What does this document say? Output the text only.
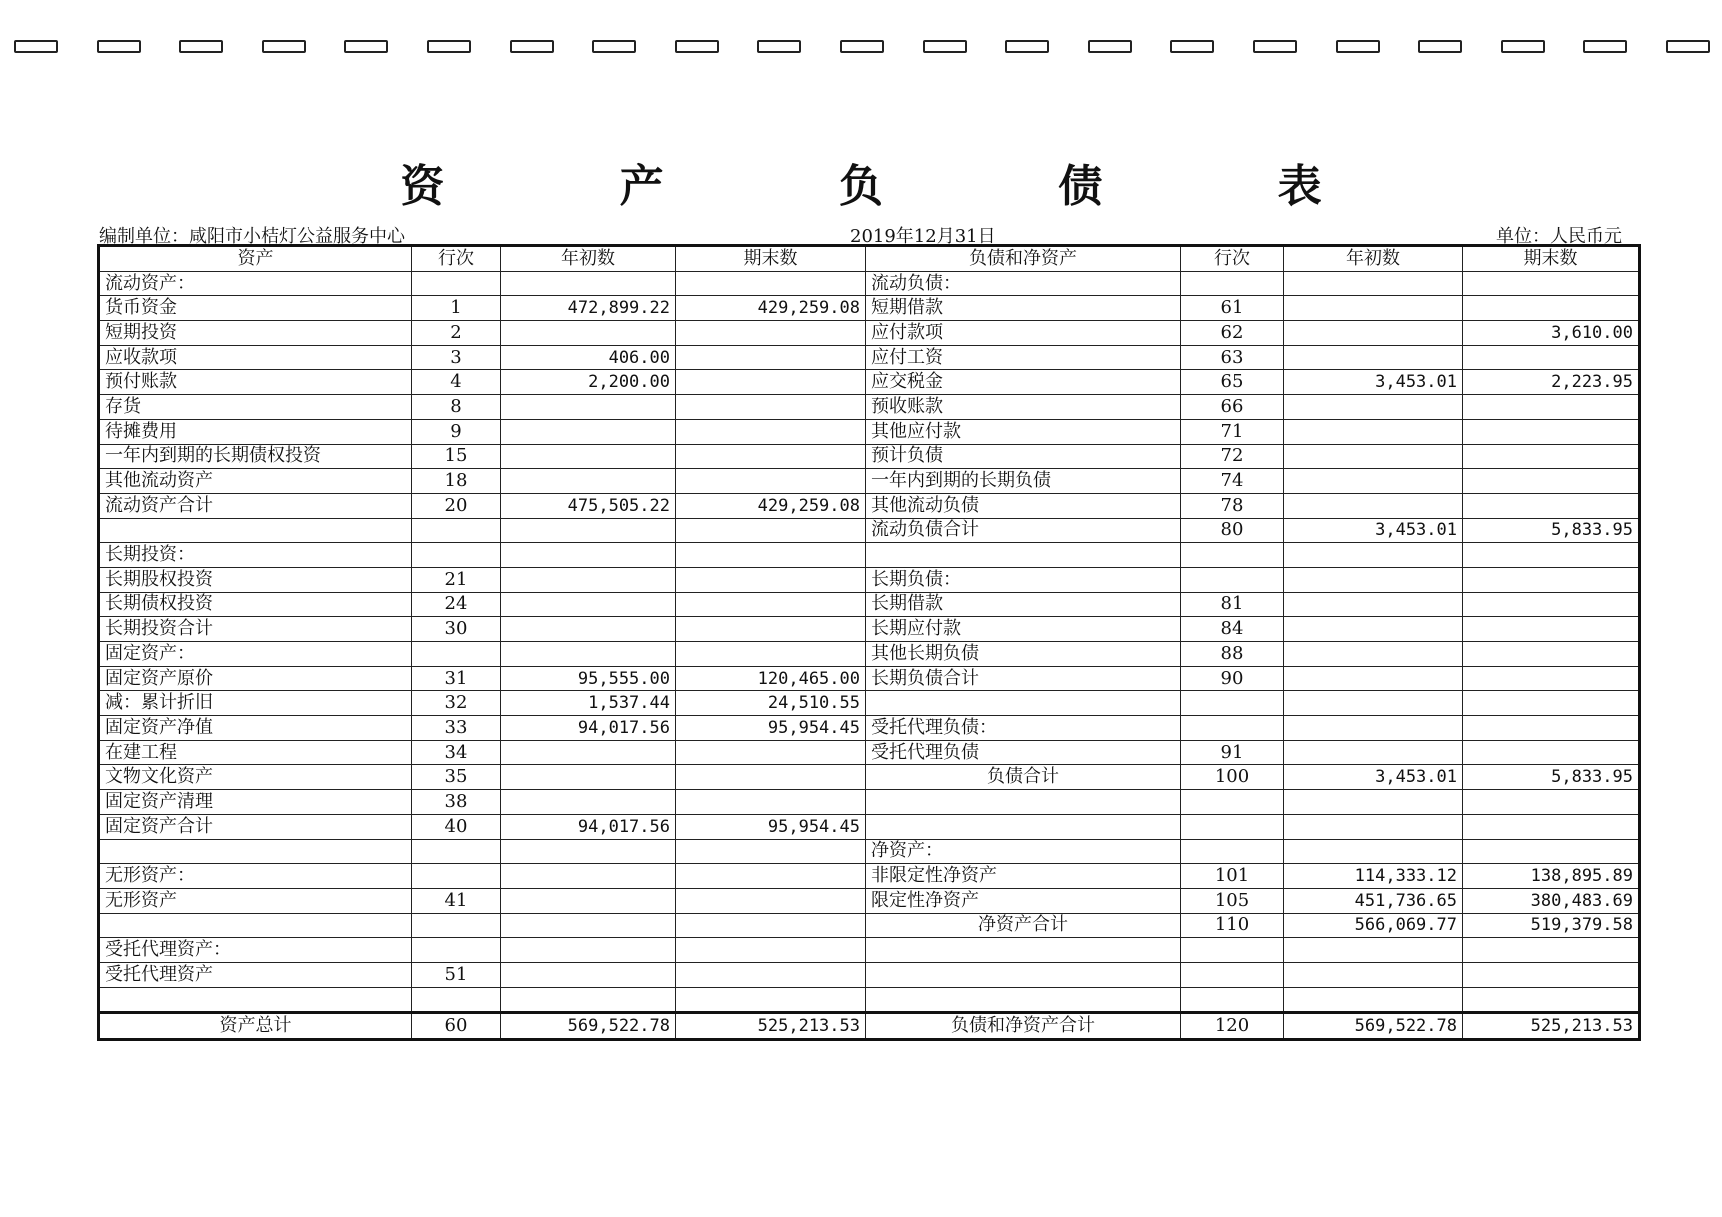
资 产 负 债 表
编制单位：咸阳市小桔灯公益服务中心	2019年12月31日	单位：人民币元
资产	行次	年初数	期末数	负债和净资产	行次	年初数	期末数
流动资产：				流动负债：			
货币资金	1	472,899.22	429,259.08	短期借款	61		
短期投资	2			应付款项	62		3,610.00
应收款项	3	406.00		应付工资	63		
预付账款	4	2,200.00		应交税金	65	3,453.01	2,223.95
存货	8			预收账款	66		
待摊费用	9			其他应付款	71		
一年内到期的长期债权投资	15			预计负债	72		
其他流动资产	18			一年内到期的长期负债	74		
流动资产合计	20	475,505.22	429,259.08	其他流动负债	78		
				流动负债合计	80	3,453.01	5,833.95
长期投资：							
长期股权投资	21			长期负债：			
长期债权投资	24			长期借款	81		
长期投资合计	30			长期应付款	84		
固定资产：				其他长期负债	88		
固定资产原价	31	95,555.00	120,465.00	长期负债合计	90		
减：累计折旧	32	1,537.44	24,510.55				
固定资产净值	33	94,017.56	95,954.45	受托代理负债：			
在建工程	34			受托代理负债	91		
文物文化资产	35			负债合计	100	3,453.01	5,833.95
固定资产清理	38						
固定资产合计	40	94,017.56	95,954.45				
				净资产：			
无形资产：				非限定性净资产	101	114,333.12	138,895.89
无形资产	41			限定性净资产	105	451,736.65	380,483.69
				净资产合计	110	566,069.77	519,379.58
受托代理资产：							
受托代理资产	51						

资产总计	60	569,522.78	525,213.53	负债和净资产合计	120	569,522.78	525,213.53
